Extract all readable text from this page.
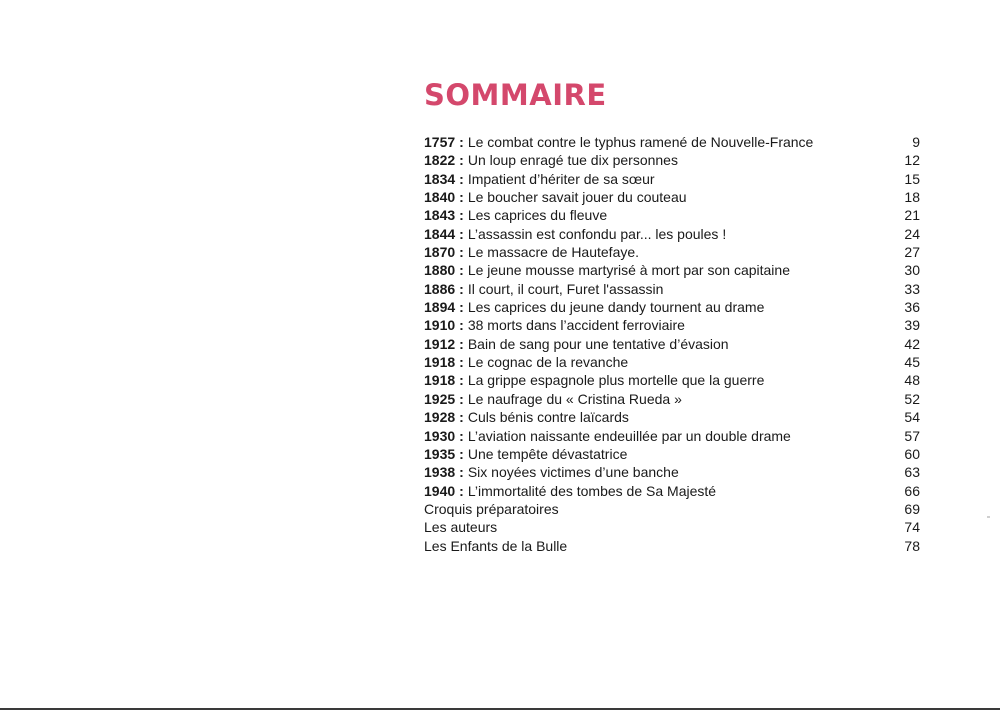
SOMMAIRE
1757 : Le combat contre le typhus ramené de Nouvelle-France	9
1822 : Un loup enragé tue dix personnes	12
1834 : Impatient d’hériter de sa sœur	15
1840 : Le boucher savait jouer du couteau	18
1843 : Les caprices du fleuve	21
1844 : L’assassin est confondu par... les poules !	24
1870 : Le massacre de Hautefaye.	27
1880 : Le jeune mousse martyrisé à mort par son capitaine	30
1886 : Il court, il court, Furet l'assassin	33
1894 : Les caprices du jeune dandy tournent au drame	36
1910 : 38 morts dans l’accident ferroviaire	39
1912 : Bain de sang pour une tentative d’évasion	42
1918 : Le cognac de la revanche	45
1918 : La grippe espagnole plus mortelle que la guerre	48
1925 : Le naufrage du « Cristina Rueda »	52
1928 : Culs bénis contre laïcards	54
1930 : L’aviation naissante endeuillée par un double drame	57
1935 : Une tempête dévastatrice	60
1938 : Six noyées victimes d’une banche	63
1940 : L’immortalité des tombes de Sa Majesté	66
Croquis préparatoires	69
Les auteurs	74
Les Enfants de la Bulle	78
